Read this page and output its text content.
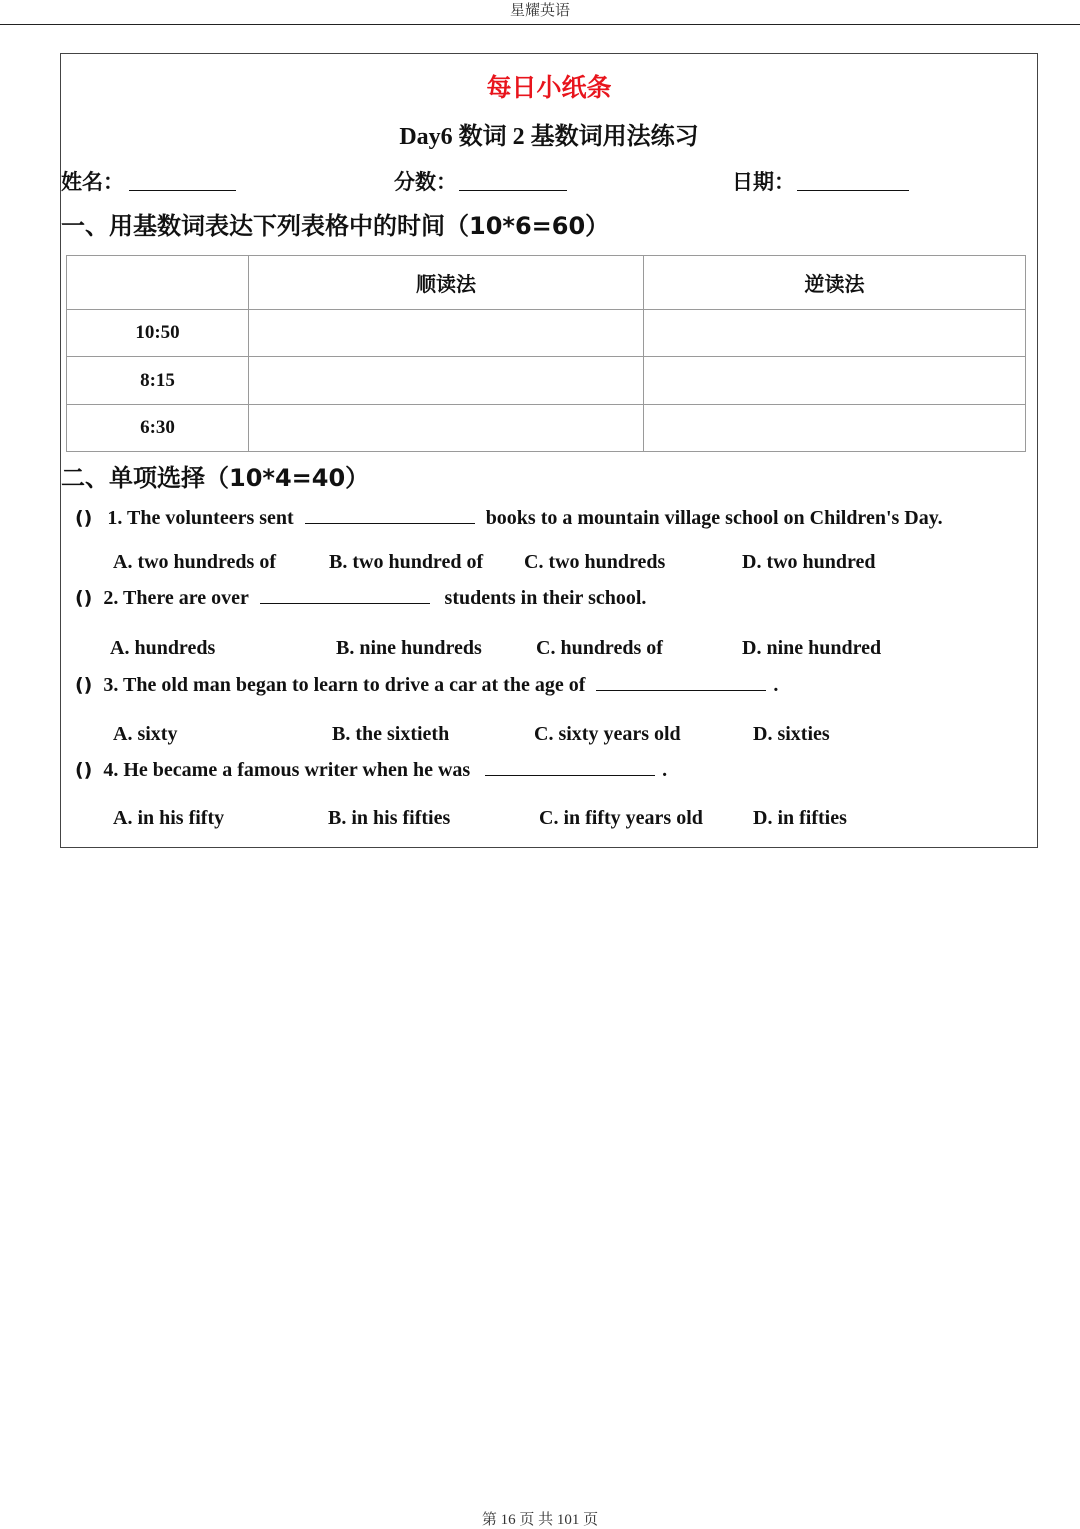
星耀英语
每日小纸条
Day6 数词 2 基数词用法练习
姓名：	分数：	日期：
一、用基数词表达下列表格中的时间（10*6=60）
	顺读法	逆读法
10:50		
8:15		
6:30		
二、单项选择（10*4=40）
() 1. The volunteers sent	books to a mountain village school on Children's Day.
A. two hundreds of	B. two hundred of C. two hundreds	D. two hundred
() 2. There are over	students in their school.
A. hundreds	B. nine hundreds	C. hundreds of	D. nine hundred
() 3. The old man began to learn to drive a car at the age of	.
A. sixty	B. the sixtieth	C. sixty years old	D. sixties
() 4. He became a famous writer when he was	.
A. in his fifty	B. in his fifties	C. in fifty years old	D. in fifties
第 16 页 共 101 页
